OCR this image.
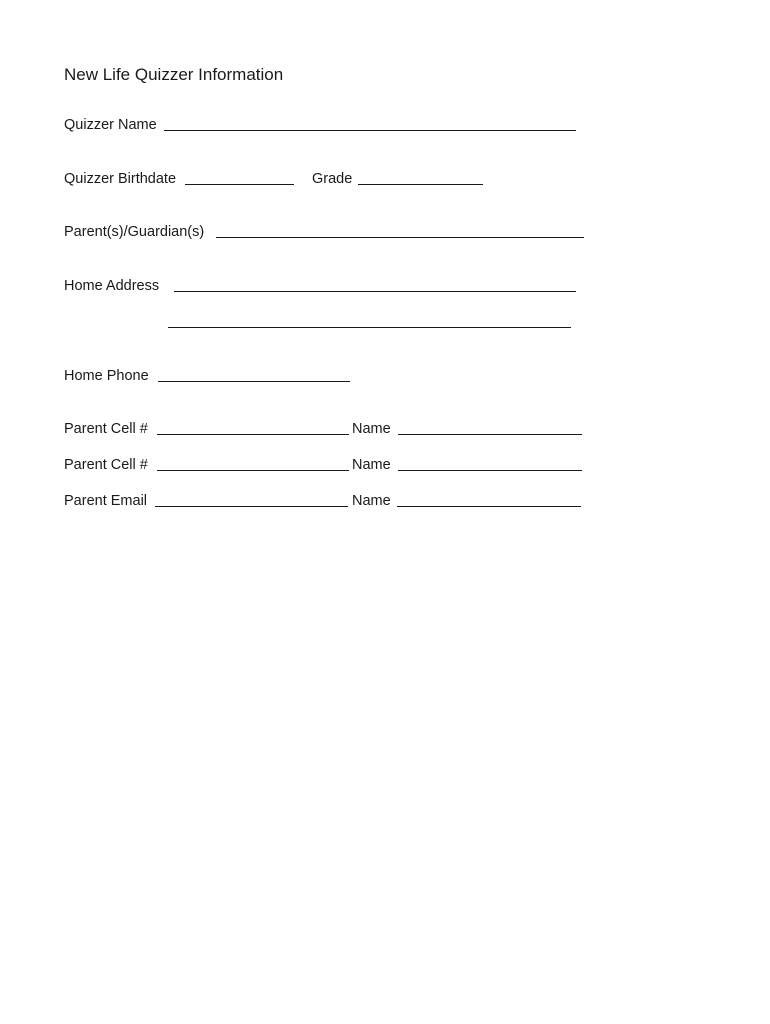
New Life Quizzer Information
Quizzer Name
Quizzer Birthdate	Grade
Parent(s)/Guardian(s)
Home Address
Home Phone
Parent Cell #	Name
Parent Cell #	Name
Parent Email	Name
